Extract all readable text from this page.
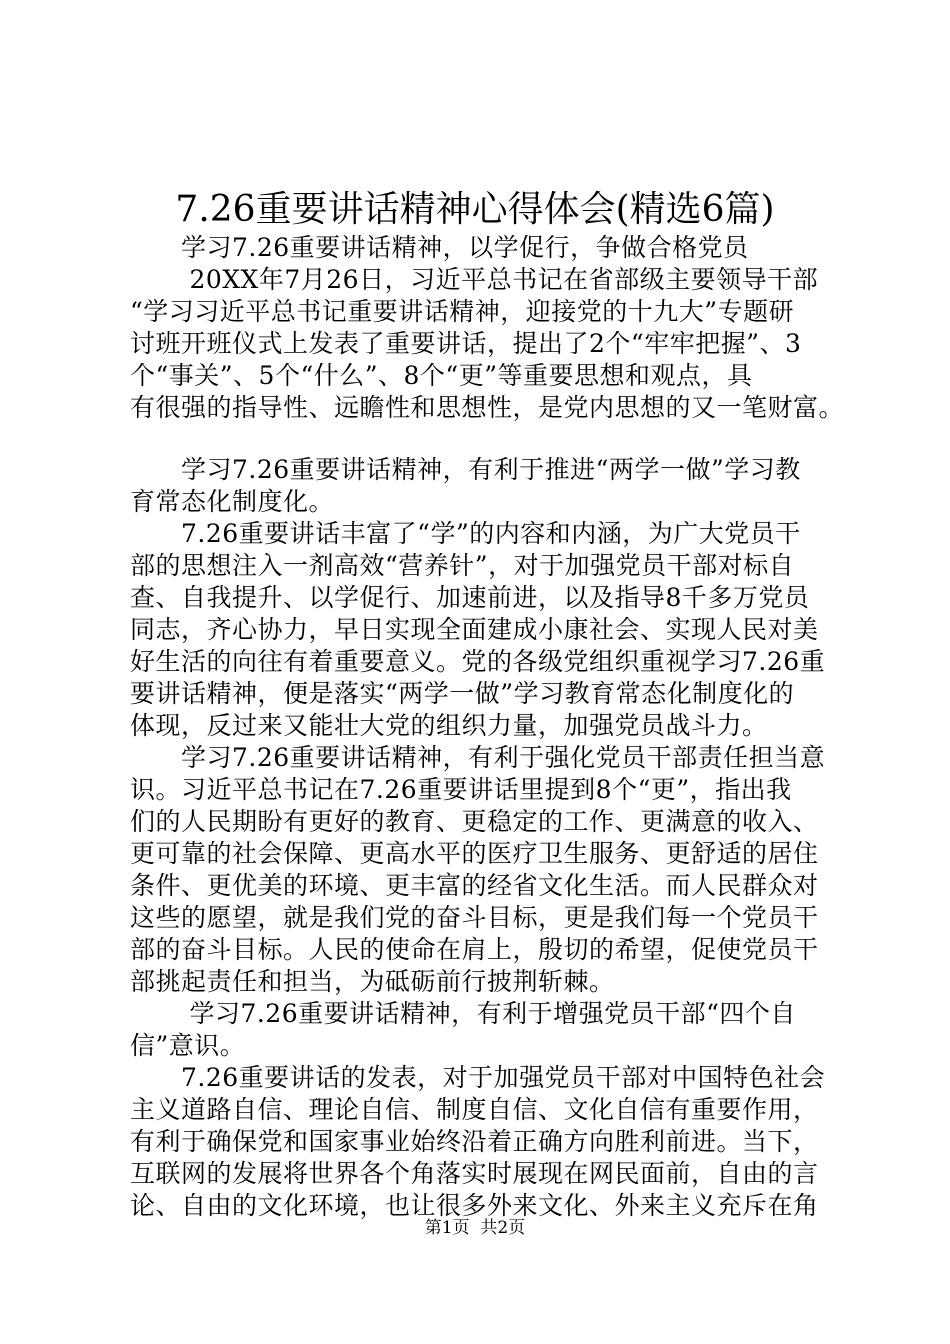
7.26重要讲话精神心得体会(精选6篇)
　　学习7.26重要讲话精神，以学促行，争做合格党员
　　 20XX年7月26日，习近平总书记在省部级主要领导干部
“学习习近平总书记重要讲话精神，迎接党的十九大”专题研
讨班开班仪式上发表了重要讲话，提出了2个“牢牢把握”、3
个“事关”、5个“什么”、8个“更”等重要思想和观点，具
有很强的指导性、远瞻性和思想性，是党内思想的又一笔财富。
　　学习7.26重要讲话精神，有利于推进“两学一做”学习教
育常态化制度化。
　　7.26重要讲话丰富了“学”的内容和内涵，为广大党员干
部的思想注入一剂高效“营养针”，对于加强党员干部对标自
查、自我提升、以学促行、加速前进，以及指导8千多万党员
同志，齐心协力，早日实现全面建成小康社会、实现人民对美
好生活的向往有着重要意义。党的各级党组织重视学习7.26重
要讲话精神，便是落实“两学一做”学习教育常态化制度化的
体现，反过来又能壮大党的组织力量，加强党员战斗力。
　　学习7.26重要讲话精神，有利于强化党员干部责任担当意
识。习近平总书记在7.26重要讲话里提到8个“更”，指出我
们的人民期盼有更好的教育、更稳定的工作、更满意的收入、
更可靠的社会保障、更高水平的医疗卫生服务、更舒适的居住
条件、更优美的环境、更丰富的经省文化生活。而人民群众对
这些的愿望，就是我们党的奋斗目标，更是我们每一个党员干
部的奋斗目标。人民的使命在肩上，殷切的希望，促使党员干
部挑起责任和担当，为砥砺前行披荆斩棘。
　　 学习7.26重要讲话精神，有利于增强党员干部“四个自
信”意识。
　　7.26重要讲话的发表，对于加强党员干部对中国特色社会
主义道路自信、理论自信、制度自信、文化自信有重要作用，
有利于确保党和国家事业始终沿着正确方向胜利前进。当下，
互联网的发展将世界各个角落实时展现在网民面前，自由的言
论、自由的文化环境，也让很多外来文化、外来主义充斥在角
第1页  共2页
